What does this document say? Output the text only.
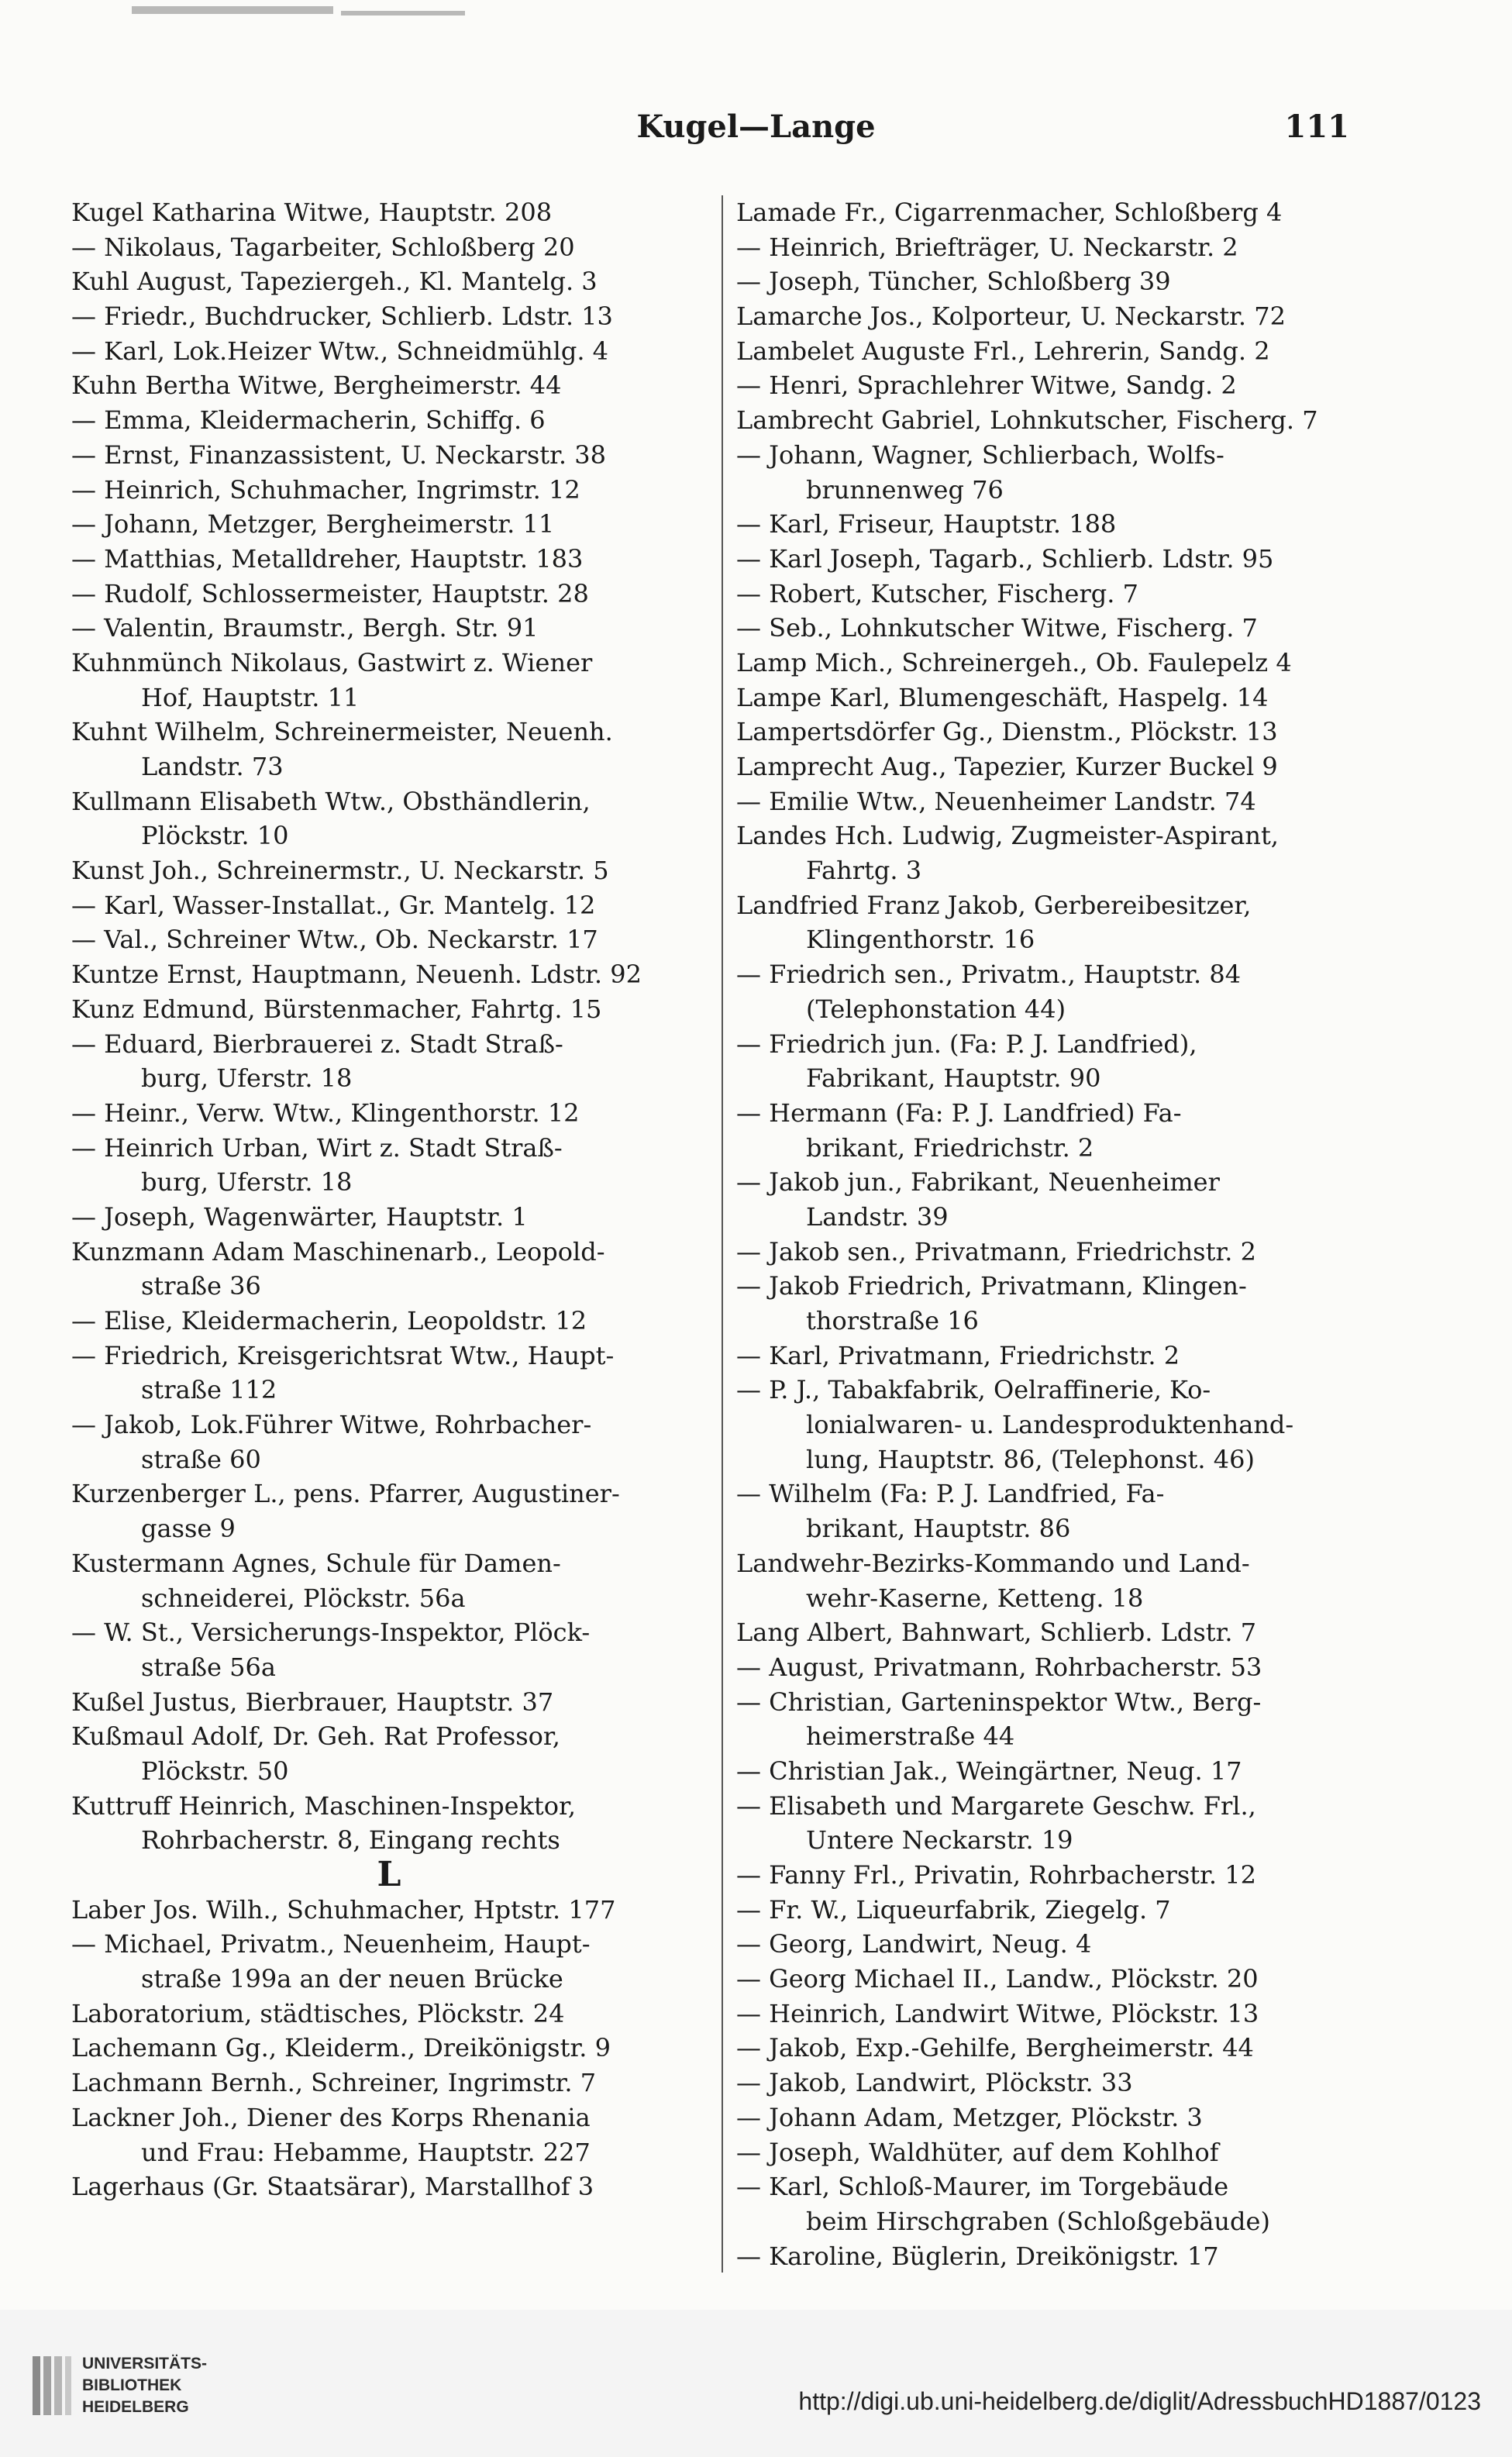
Kugel—Lange	111
Kugel Katharina Witwe, Hauptstr. 208
— Nikolaus, Tagarbeiter, Schloßberg 20
Kuhl August, Tapeziergeh., Kl. Mantelg. 3
— Friedr., Buchdrucker, Schlierb. Ldstr. 13
— Karl, Lok.Heizer Wtw., Schneidmühlg. 4
Kuhn Bertha Witwe, Bergheimerstr. 44
— Emma, Kleidermacherin, Schiffg. 6
— Ernst, Finanzassistent, U. Neckarstr. 38
— Heinrich, Schuhmacher, Ingrimstr. 12
— Johann, Metzger, Bergheimerstr. 11
— Matthias, Metalldreher, Hauptstr. 183
— Rudolf, Schlossermeister, Hauptstr. 28
— Valentin, Braumstr., Bergh. Str. 91
Kuhnmünch Nikolaus, Gastwirt z. Wiener
Hof, Hauptstr. 11
Kuhnt Wilhelm, Schreinermeister, Neuenh.
Landstr. 73
Kullmann Elisabeth Wtw., Obsthändlerin,
Plöckstr. 10
Kunst Joh., Schreinermstr., U. Neckarstr. 5
— Karl, Wasser-Installat., Gr. Mantelg. 12
— Val., Schreiner Wtw., Ob. Neckarstr. 17
Kuntze Ernst, Hauptmann, Neuenh. Ldstr. 92
Kunz Edmund, Bürstenmacher, Fahrtg. 15
— Eduard, Bierbrauerei z. Stadt Straß-
burg, Uferstr. 18
— Heinr., Verw. Wtw., Klingenthorstr. 12
— Heinrich Urban, Wirt z. Stadt Straß-
burg, Uferstr. 18
— Joseph, Wagenwärter, Hauptstr. 1
Kunzmann Adam Maschinenarb., Leopold-
straße 36
— Elise, Kleidermacherin, Leopoldstr. 12
— Friedrich, Kreisgerichtsrat Wtw., Haupt-
straße 112
— Jakob, Lok.Führer Witwe, Rohrbacher-
straße 60
Kurzenberger L., pens. Pfarrer, Augustiner-
gasse 9
Kustermann Agnes, Schule für Damen-
schneiderei, Plöckstr. 56a
— W. St., Versicherungs-Inspektor, Plöck-
straße 56a
Kußel Justus, Bierbrauer, Hauptstr. 37
Kußmaul Adolf, Dr. Geh. Rat Professor,
Plöckstr. 50
Kuttruff Heinrich, Maschinen-Inspektor,
Rohrbacherstr. 8, Eingang rechts
L
Laber Jos. Wilh., Schuhmacher, Hptstr. 177
— Michael, Privatm., Neuenheim, Haupt-
straße 199a an der neuen Brücke
Laboratorium, städtisches, Plöckstr. 24
Lachemann Gg., Kleiderm., Dreikönigstr. 9
Lachmann Bernh., Schreiner, Ingrimstr. 7
Lackner Joh., Diener des Korps Rhenania
und Frau: Hebamme, Hauptstr. 227
Lagerhaus (Gr. Staatsärar), Marstallhof 3
Lamade Fr., Cigarrenmacher, Schloßberg 4
— Heinrich, Briefträger, U. Neckarstr. 2
— Joseph, Tüncher, Schloßberg 39
Lamarche Jos., Kolporteur, U. Neckarstr. 72
Lambelet Auguste Frl., Lehrerin, Sandg. 2
— Henri, Sprachlehrer Witwe, Sandg. 2
Lambrecht Gabriel, Lohnkutscher, Fischerg. 7
— Johann, Wagner, Schlierbach, Wolfs-
brunnenweg 76
— Karl, Friseur, Hauptstr. 188
— Karl Joseph, Tagarb., Schlierb. Ldstr. 95
— Robert, Kutscher, Fischerg. 7
— Seb., Lohnkutscher Witwe, Fischerg. 7
Lamp Mich., Schreinergeh., Ob. Faulepelz 4
Lampe Karl, Blumengeschäft, Haspelg. 14
Lampertsdörfer Gg., Dienstm., Plöckstr. 13
Lamprecht Aug., Tapezier, Kurzer Buckel 9
— Emilie Wtw., Neuenheimer Landstr. 74
Landes Hch. Ludwig, Zugmeister-Aspirant,
Fahrtg. 3
Landfried Franz Jakob, Gerbereibesitzer,
Klingenthorstr. 16
— Friedrich sen., Privatm., Hauptstr. 84
(Telephonstation 44)
— Friedrich jun. (Fa: P. J. Landfried),
Fabrikant, Hauptstr. 90
— Hermann (Fa: P. J. Landfried) Fa-
brikant, Friedrichstr. 2
— Jakob jun., Fabrikant, Neuenheimer
Landstr. 39
— Jakob sen., Privatmann, Friedrichstr. 2
— Jakob Friedrich, Privatmann, Klingen-
thorstraße 16
— Karl, Privatmann, Friedrichstr. 2
— P. J., Tabakfabrik, Oelraffinerie, Ko-
lonialwaren- u. Landesproduktenhand-
lung, Hauptstr. 86, (Telephonst. 46)
— Wilhelm (Fa: P. J. Landfried, Fa-
brikant, Hauptstr. 86
Landwehr-Bezirks-Kommando und Land-
wehr-Kaserne, Ketteng. 18
Lang Albert, Bahnwart, Schlierb. Ldstr. 7
— August, Privatmann, Rohrbacherstr. 53
— Christian, Garteninspektor Wtw., Berg-
heimerstraße 44
— Christian Jak., Weingärtner, Neug. 17
— Elisabeth und Margarete Geschw. Frl.,
Untere Neckarstr. 19
— Fanny Frl., Privatin, Rohrbacherstr. 12
— Fr. W., Liqueurfabrik, Ziegelg. 7
— Georg, Landwirt, Neug. 4
— Georg Michael II., Landw., Plöckstr. 20
— Heinrich, Landwirt Witwe, Plöckstr. 13
— Jakob, Exp.-Gehilfe, Bergheimerstr. 44
— Jakob, Landwirt, Plöckstr. 33
— Johann Adam, Metzger, Plöckstr. 3
— Joseph, Waldhüter, auf dem Kohlhof
— Karl, Schloß-Maurer, im Torgebäude
beim Hirschgraben (Schloßgebäude)
— Karoline, Büglerin, Dreikönigstr. 17
UNIVERSITÄTS-
BIBLIOTHEK
HEIDELBERG	http://digi.ub.uni-heidelberg.de/diglit/AdressbuchHD1887/0123
